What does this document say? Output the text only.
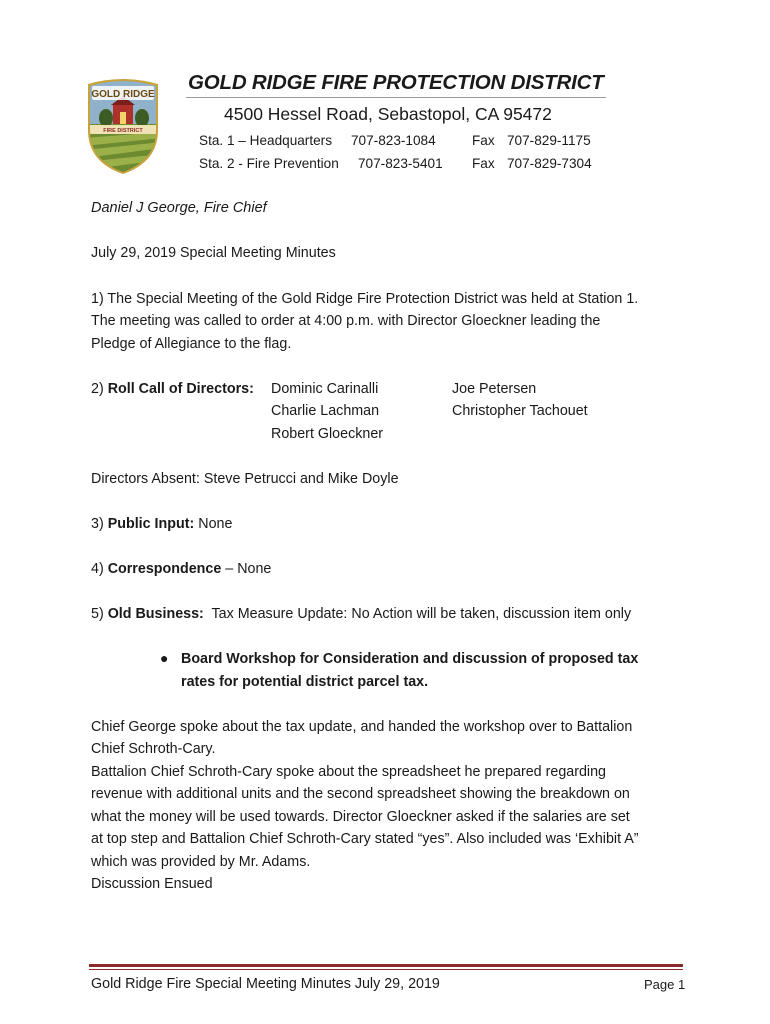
GOLD RIDGE
FIRE DISTRICT
GOLD RIDGE FIRE PROTECTION DISTRICT
4500 Hessel Road, Sebastopol, CA 95472
Sta. 1 – Headquarters 707-823-1084	Fax 707-829-1175
Sta. 2 - Fire Prevention 707-823-5401 Fax 707-829-7304
Daniel J George, Fire Chief
July 29, 2019 Special Meeting Minutes
1) The Special Meeting of the Gold Ridge Fire Protection District was held at Station 1.
The meeting was called to order at 4:00 p.m. with Director Gloeckner leading the
Pledge of Allegiance to the flag.
2) Roll Call of Directors: Dominic Carinalli
Charlie Lachman
Robert Gloeckner
Joe Petersen
Christopher Tachouet
Directors Absent: Steve Petrucci and Mike Doyle
3) Public Input: None
4) Correspondence – None
5) Old Business:  Tax Measure Update: No Action will be taken, discussion item only
● Board Workshop for Consideration and discussion of proposed tax
rates for potential district parcel tax.
Chief George spoke about the tax update, and handed the workshop over to Battalion
Chief Schroth-Cary.
Battalion Chief Schroth-Cary spoke about the spreadsheet he prepared regarding
revenue with additional units and the second spreadsheet showing the breakdown on
what the money will be used towards. Director Gloeckner asked if the salaries are set
at top step and Battalion Chief Schroth-Cary stated “yes”. Also included was ‘Exhibit A”
which was provided by Mr. Adams.
Discussion Ensued
Gold Ridge Fire Special Meeting Minutes July 29, 2019	Page 1
